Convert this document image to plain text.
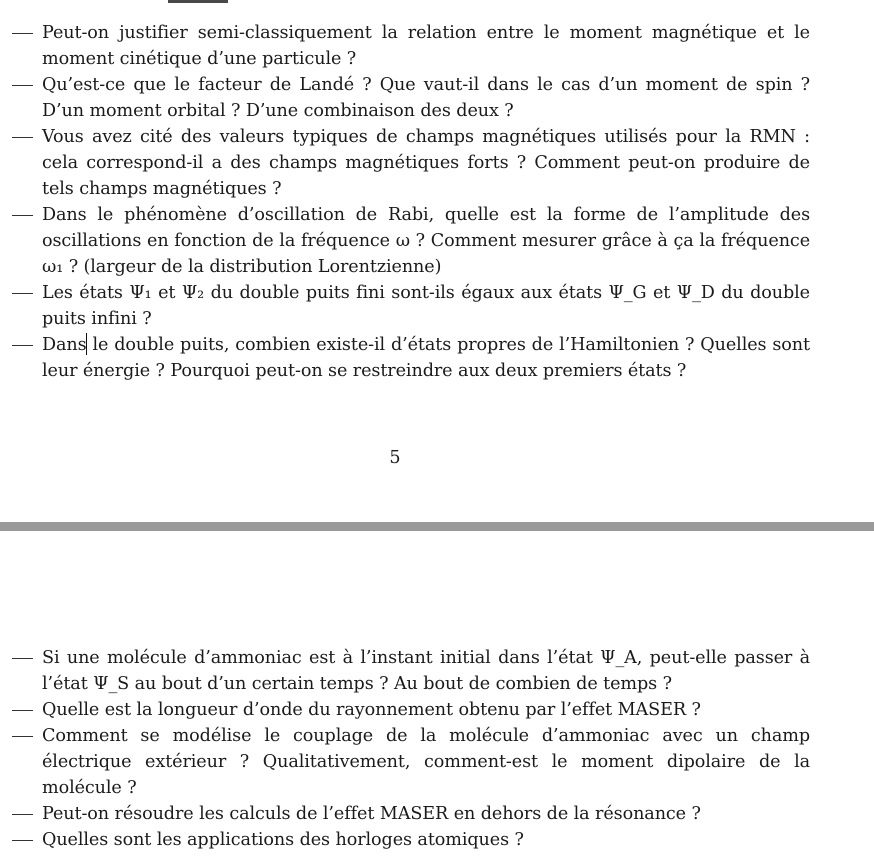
Peut-on justifier semi-classiquement la relation entre le moment magnétique et le moment cinétique d’une particule ?
Qu’est-ce que le facteur de Landé ? Que vaut-il dans le cas d’un moment de spin ? D’un moment orbital ? D’une combinaison des deux ?
Vous avez cité des valeurs typiques de champs magnétiques utilisés pour la RMN : cela correspond-il a des champs magnétiques forts ? Comment peut-on produire de tels champs magnétiques ?
Dans le phénomène d’oscillation de Rabi, quelle est la forme de l’amplitude des oscillations en fonction de la fréquence ω ? Comment mesurer grâce à ça la fréquence ω₁ ? (largeur de la distribution Lorentzienne)
Les états Ψ₁ et Ψ₂ du double puits fini sont-ils égaux aux états Ψ_G et Ψ_D du double puits infini ?
Dans le double puits, combien existe-il d’états propres de l’Hamiltonien ? Quelles sont leur énergie ? Pourquoi peut-on se restreindre aux deux premiers états ?
5
Si une molécule d’ammoniac est à l’instant initial dans l’état Ψ_A, peut-elle passer à l’état Ψ_S au bout d’un certain temps ? Au bout de combien de temps ?
Quelle est la longueur d’onde du rayonnement obtenu par l’effet MASER ?
Comment se modélise le couplage de la molécule d’ammoniac avec un champ électrique extérieur ? Qualitativement, comment-est le moment dipolaire de la molécule ?
Peut-on résoudre les calculs de l’effet MASER en dehors de la résonance ?
Quelles sont les applications des horloges atomiques ?
